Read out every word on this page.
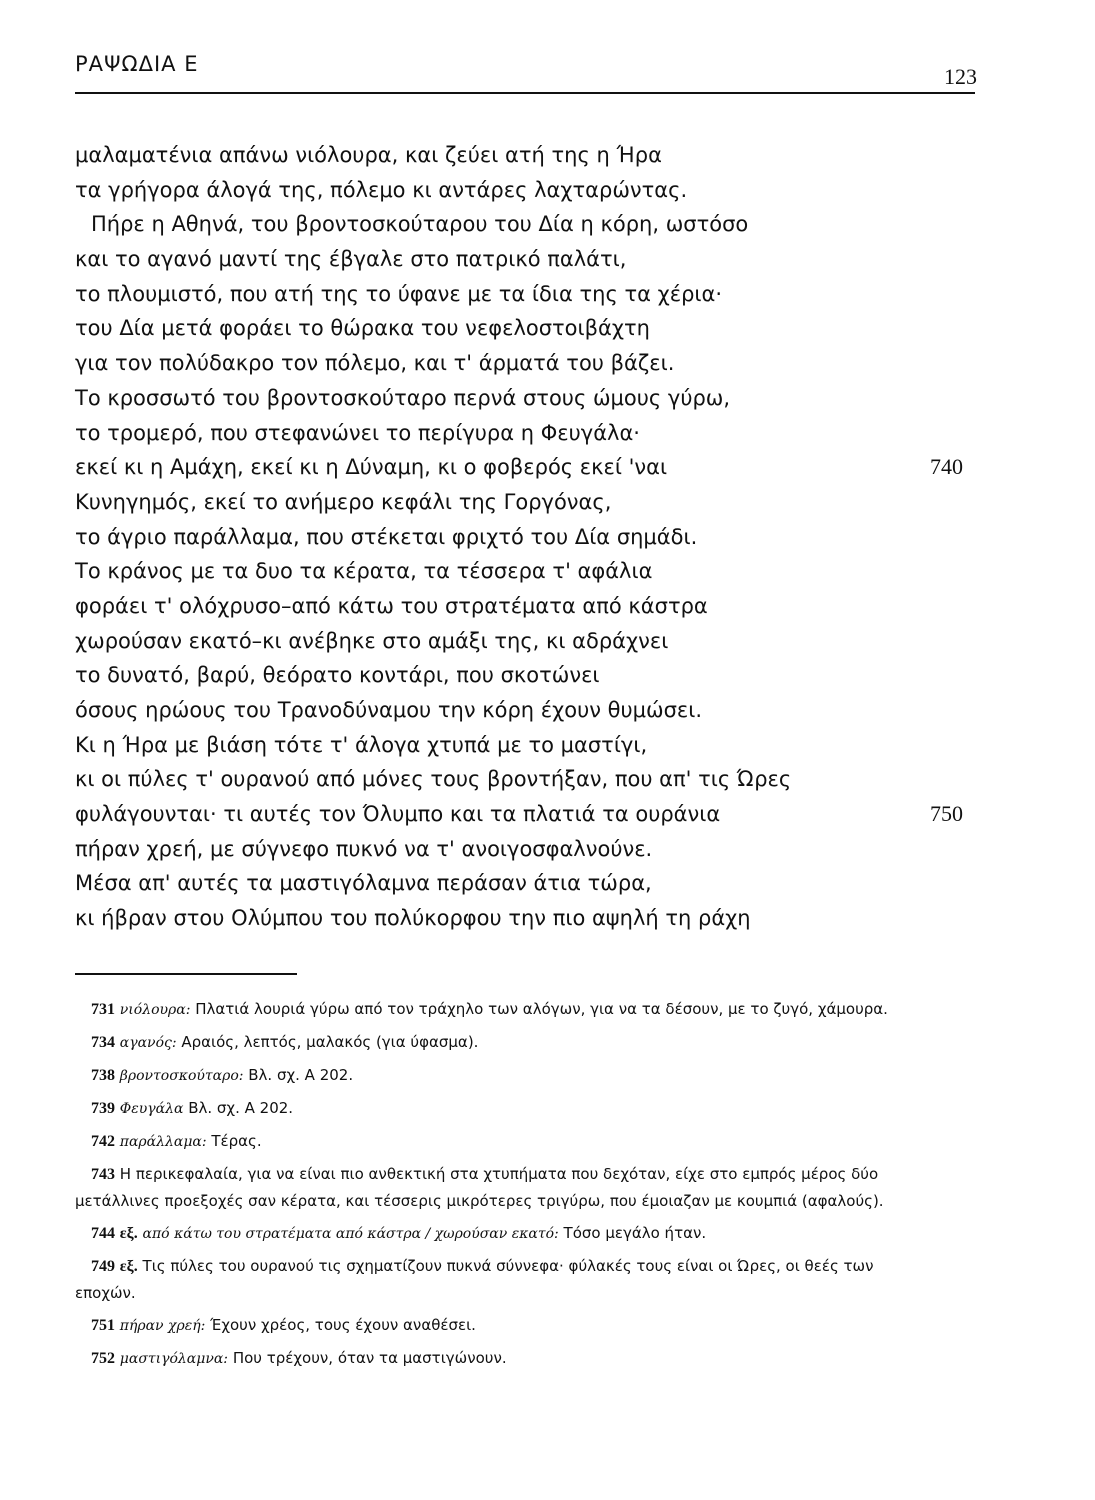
ΡΑΨΩΔΙΑ Ε	123
μαλαματένια απάνω νιόλουρα, και ζεύει ατή της η Ήρα
τα γρήγορα άλογά της, πόλεμο κι αντάρες λαχταρώντας.
Πήρε η Αθηνά, του βροντοσκούταρου του Δία η κόρη, ωστόσο
και το αγανό μαντί της έβγαλε στο πατρικό παλάτι,
το πλουμιστό, που ατή της το ύφανε με τα ίδια της τα χέρια·
του Δία μετά φοράει το θώρακα του νεφελοστοιβάχτη
για τον πολύδακρο τον πόλεμο, και τ' άρματά του βάζει.
Το κροσσωτό του βροντοσκούταρο περνά στους ώμους γύρω,
το τρομερό, που στεφανώνει το περίγυρα η Φευγάλα·
εκεί κι η Αμάχη, εκεί κι η Δύναμη, κι ο φοβερός εκεί 'ναι	740
Κυνηγημός, εκεί το ανήμερο κεφάλι της Γοργόνας,
το άγριο παράλλαμα, που στέκεται φριχτό του Δία σημάδι.
Το κράνος με τα δυο τα κέρατα, τα τέσσερα τ' αφάλια
φοράει τ' ολόχρυσο–από κάτω του στρατέματα από κάστρα
χωρούσαν εκατό–κι ανέβηκε στο αμάξι της, κι αδράχνει
το δυνατό, βαρύ, θεόρατο κοντάρι, που σκοτώνει
όσους ηρώους του Τρανοδύναμου την κόρη έχουν θυμώσει.
Κι η Ήρα με βιάση τότε τ' άλογα χτυπά με το μαστίγι,
κι οι πύλες τ' ουρανού από μόνες τους βροντήξαν, που απ' τις Ώρες
φυλάγουνται· τι αυτές τον Όλυμπο και τα πλατιά τα ουράνια	750
πήραν χρεή, με σύγνεφο πυκνό να τ' ανοιγοσφαλνούνε.
Μέσα απ' αυτές τα μαστιγόλαμνα περάσαν άτια τώρα,
κι ήβραν στου Ολύμπου του πολύκορφου την πιο αψηλή τη ράχη
731 νιόλουρα: Πλατιά λουριά γύρω από τον τράχηλο των αλόγων, για να τα δέσουν, με το ζυγό, χάμουρα.
734 αγανός: Αραιός, λεπτός, μαλακός (για ύφασμα).
738 βροντοσκούταρο: Βλ. σχ. Α 202.
739 Φευγάλα Βλ. σχ. Α 202.
742 παράλλαμα: Τέρας.
743 Η περικεφαλαία, για να είναι πιο ανθεκτική στα χτυπήματα που δεχόταν, είχε στο εμπρός μέρος δύο μετάλλινες προεξοχές σαν κέρατα, και τέσσερις μικρότερες τριγύρω, που έμοιαζαν με κουμπιά (αφαλούς).
744 εξ. από κάτω του στρατέματα από κάστρα / χωρούσαν εκατό: Τόσο μεγάλο ήταν.
749 εξ. Τις πύλες του ουρανού τις σχηματίζουν πυκνά σύννεφα· φύλακές τους είναι οι Ώρες, οι θεές των εποχών.
751 πήραν χρεή: Έχουν χρέος, τους έχουν αναθέσει.
752 μαστιγόλαμνα: Που τρέχουν, όταν τα μαστιγώνουν.
